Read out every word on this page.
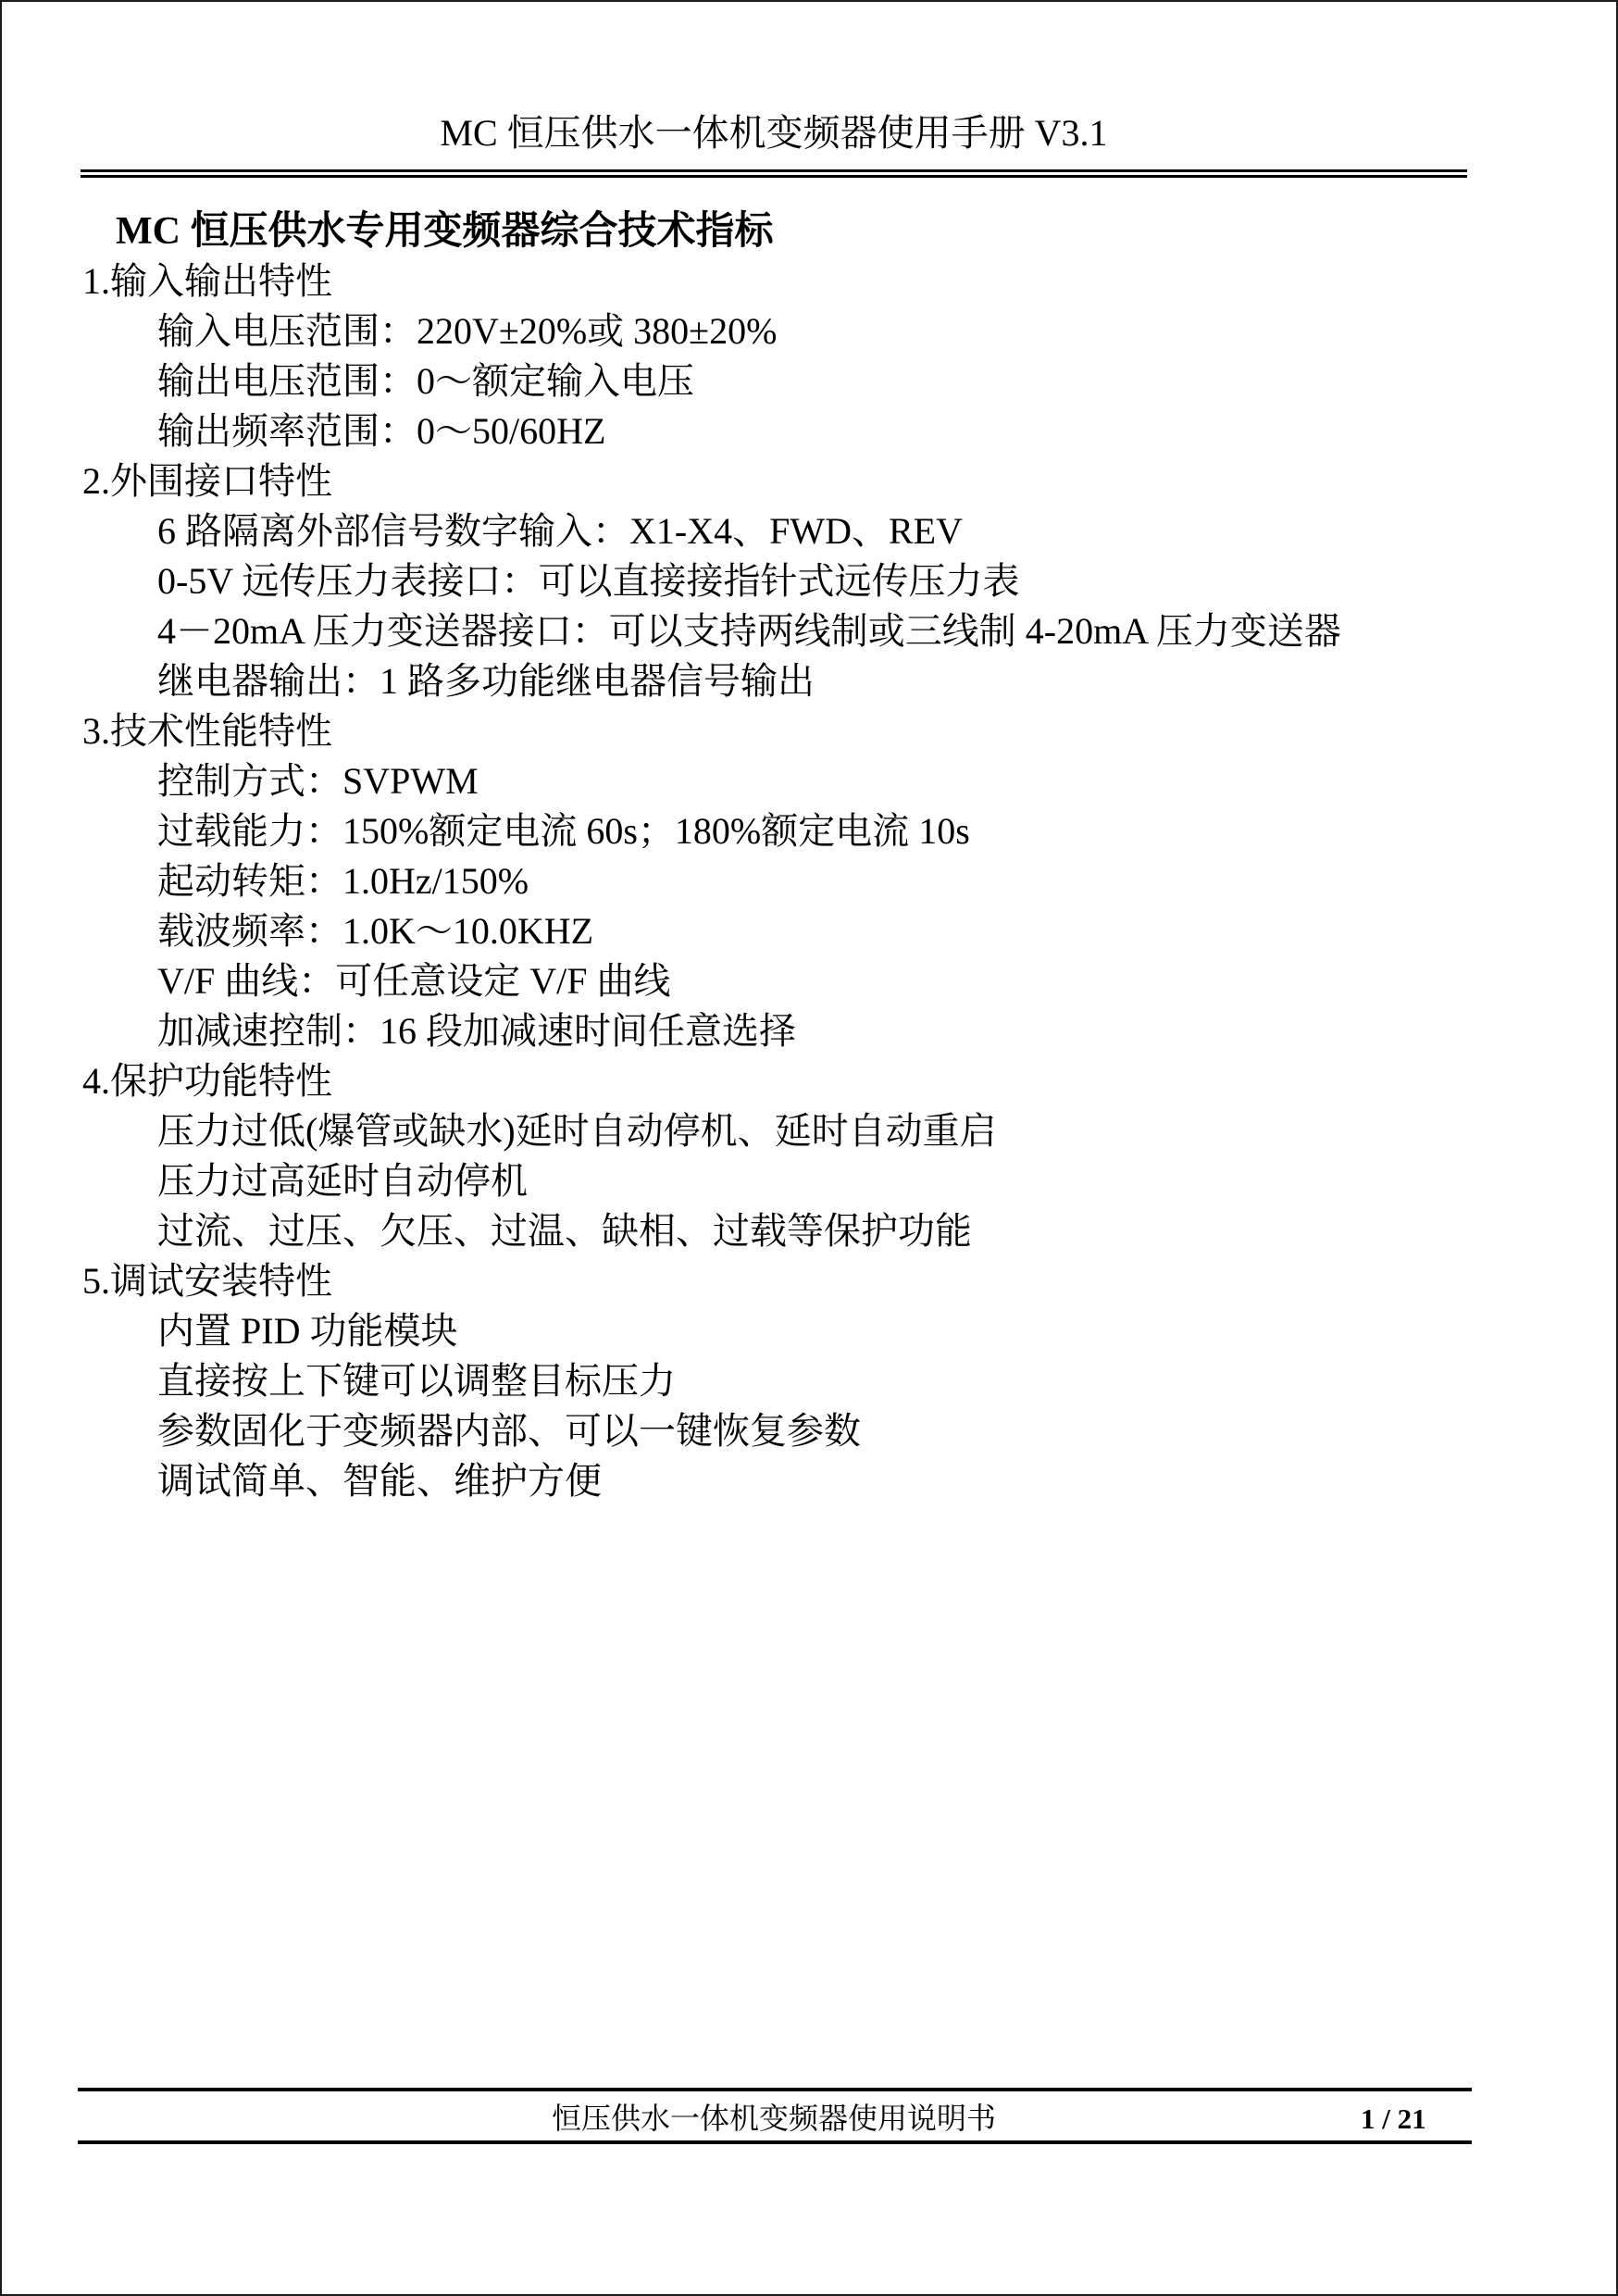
MC 恒压供水一体机变频器使用手册 V3.1
MC 恒压供水专用变频器综合技术指标
1.输入输出特性
输入电压范围：220V±20%或 380±20%
输出电压范围：0～额定输入电压
输出频率范围：0～50/60HZ
2.外围接口特性
6 路隔离外部信号数字输入：X1-X4、FWD、REV
0-5V 远传压力表接口：可以直接接指针式远传压力表
4－20mA 压力变送器接口：可以支持两线制或三线制 4-20mA 压力变送器
继电器输出：1 路多功能继电器信号输出
3.技术性能特性
控制方式：SVPWM
过载能力：150%额定电流 60s；180%额定电流 10s
起动转矩：1.0Hz/150%
载波频率：1.0K～10.0KHZ
V/F 曲线：可任意设定 V/F 曲线
加减速控制：16 段加减速时间任意选择
4.保护功能特性
压力过低(爆管或缺水)延时自动停机、延时自动重启
压力过高延时自动停机
过流、过压、欠压、过温、缺相、过载等保护功能
5.调试安装特性
内置 PID 功能模块
直接按上下键可以调整目标压力
参数固化于变频器内部、可以一键恢复参数
调试简单、智能、维护方便
恒压供水一体机变频器使用说明书	1 / 21
